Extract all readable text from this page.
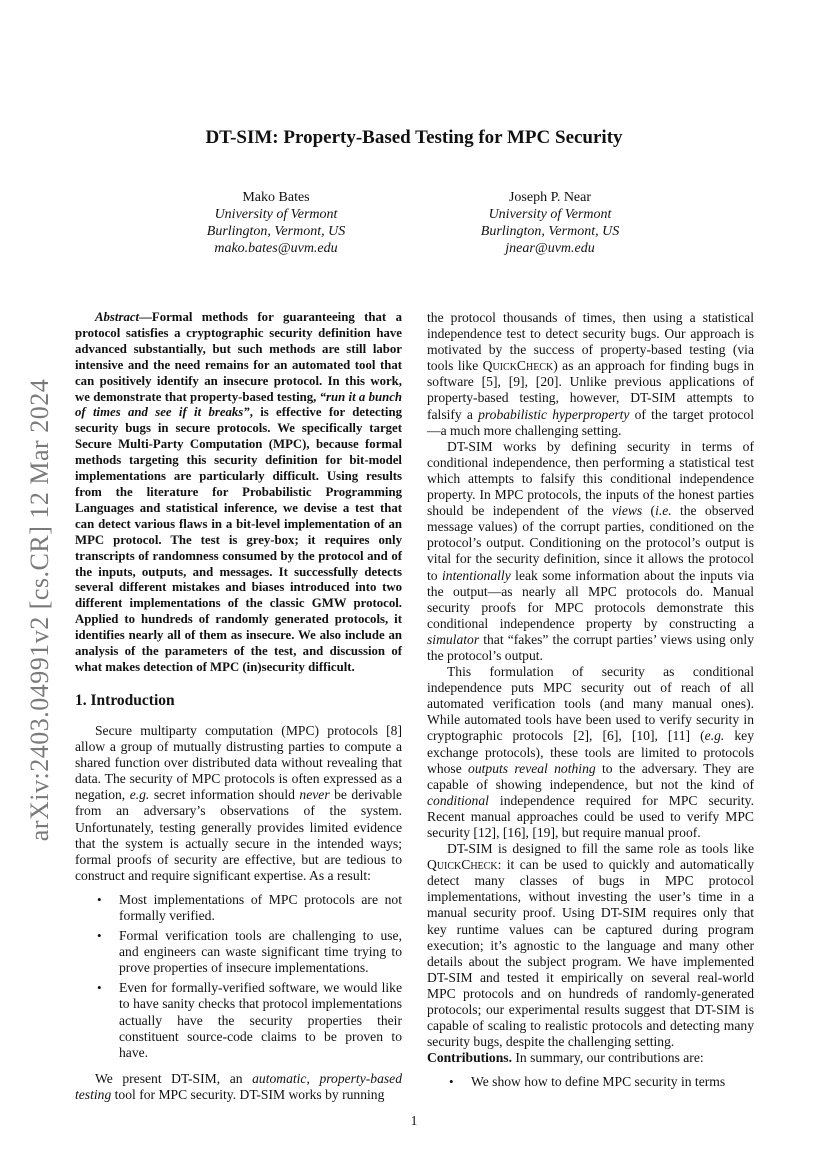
arXiv:2403.04991v2 [cs.CR] 12 Mar 2024
DT-SIM: Property-Based Testing for MPC Security
Mako Bates
University of Vermont
Burlington, Vermont, US
mako.bates@uvm.edu
Joseph P. Near
University of Vermont
Burlington, Vermont, US
jnear@uvm.edu

Abstract—Formal methods for guaranteeing that a protocol satisfies a cryptographic security definition have advanced substantially, but such methods are still labor intensive and the need remains for an automated tool that can positively identify an insecure protocol. In this work, we demonstrate that property-based testing, “run it a bunch of times and see if it breaks”, is effective for detecting security bugs in secure protocols. We specifically target Secure Multi-Party Computation (MPC), because formal methods targeting this security definition for bit-model implementations are particularly difficult. Using results from the literature for Probabilistic Programming Languages and statistical inference, we devise a test that can detect various flaws in a bit-level implementation of an MPC protocol. The test is grey-box; it requires only transcripts of randomness consumed by the protocol and of the inputs, outputs, and messages. It successfully detects several different mistakes and biases introduced into two different implementations of the classic GMW protocol. Applied to hundreds of randomly generated protocols, it identifies nearly all of them as insecure. We also include an analysis of the parameters of the test, and discussion of what makes detection of MPC (in)security difficult.

1. Introduction

Secure multiparty computation (MPC) protocols [8] allow a group of mutually distrusting parties to compute a shared function over distributed data without revealing that data. The security of MPC protocols is often expressed as a negation, e.g. secret information should never be derivable from an adversary’s observations of the system. Unfortunately, testing generally provides limited evidence that the system is actually secure in the intended ways; formal proofs of security are effective, but are tedious to construct and require significant expertise. As a result:

• Most implementations of MPC protocols are not formally verified.
• Formal verification tools are challenging to use, and engineers can waste significant time trying to prove properties of insecure implementations.
• Even for formally-verified software, we would like to have sanity checks that protocol implementations actually have the security properties their constituent source-code claims to be proven to have.

We present DT-SIM, an automatic, property-based testing tool for MPC security. DT-SIM works by running

the protocol thousands of times, then using a statistical independence test to detect security bugs. Our approach is motivated by the success of property-based testing (via tools like QuickCheck) as an approach for finding bugs in software [5], [9], [20]. Unlike previous applications of property-based testing, however, DT-SIM attempts to falsify a probabilistic hyperproperty of the target protocol—a much more challenging setting.

DT-SIM works by defining security in terms of conditional independence, then performing a statistical test which attempts to falsify this conditional independence property. In MPC protocols, the inputs of the honest parties should be independent of the views (i.e. the observed message values) of the corrupt parties, conditioned on the protocol’s output. Conditioning on the protocol’s output is vital for the security definition, since it allows the protocol to intentionally leak some information about the inputs via the output—as nearly all MPC protocols do. Manual security proofs for MPC protocols demonstrate this conditional independence property by constructing a simulator that “fakes” the corrupt parties’ views using only the protocol’s output.

This formulation of security as conditional independence puts MPC security out of reach of all automated verification tools (and many manual ones). While automated tools have been used to verify security in cryptographic protocols [2], [6], [10], [11] (e.g. key exchange protocols), these tools are limited to protocols whose outputs reveal nothing to the adversary. They are capable of showing independence, but not the kind of conditional independence required for MPC security. Recent manual approaches could be used to verify MPC security [12], [16], [19], but require manual proof.

DT-SIM is designed to fill the same role as tools like QuickCheck: it can be used to quickly and automatically detect many classes of bugs in MPC protocol implementations, without investing the user’s time in a manual security proof. Using DT-SIM requires only that key runtime values can be captured during program execution; it’s agnostic to the language and many other details about the subject program. We have implemented DT-SIM and tested it empirically on several real-world MPC protocols and on hundreds of randomly-generated protocols; our experimental results suggest that DT-SIM is capable of scaling to realistic protocols and detecting many security bugs, despite the challenging setting.

Contributions. In summary, our contributions are:

• We show how to define MPC security in terms
1
